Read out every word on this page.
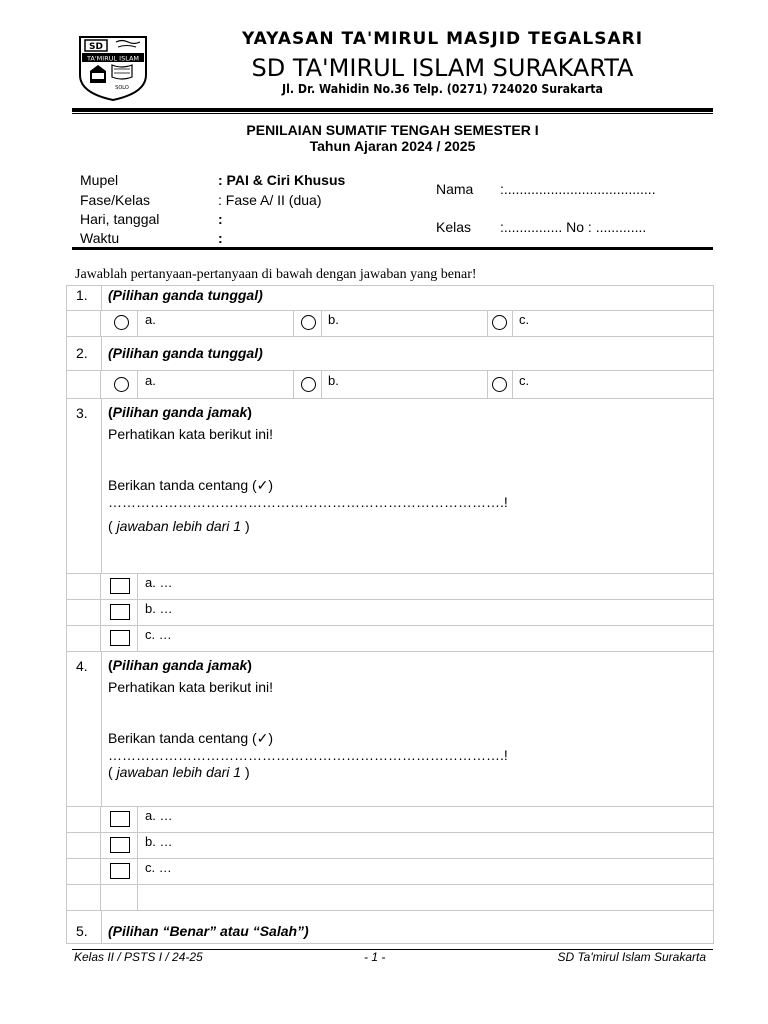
SD
TA'MIRUL ISLAM
SOLO
YAYASAN TA'MIRUL MASJID TEGALSARI
SD TA'MIRUL ISLAM SURAKARTA
Jl. Dr. Wahidin No.36 Telp. (0271) 724020 Surakarta
PENILAIAN SUMATIF TENGAH SEMESTER I
Tahun Ajaran 2024 / 2025
Mupel	: PAI & Ciri Khusus
Fase/Kelas	: Fase A/ II (dua)
Hari, tanggal	:
Waktu	:
Nama :.......................................
Kelas :............... No : .............
Jawablah pertanyaan-pertanyaan di bawah dengan jawaban yang benar!
1. (Pilihan ganda tunggal)
a.	b.	c.
2. (Pilihan ganda tunggal)
a.	b.	c.
3. (Pilihan ganda jamak)
Perhatikan kata berikut ini!
Berikan tanda centang (✓)
………………………………………………………………………….!
( jawaban lebih dari 1 )
a. …
b. …
c. …
4. (Pilihan ganda jamak)
Perhatikan kata berikut ini!
Berikan tanda centang (✓)
………………………………………………………………………….!
( jawaban lebih dari 1 )
a. …
b. …
c. …
5. (Pilihan “Benar” atau “Salah”)
Kelas II / PSTS I / 24-25	- 1 -	SD Ta'mirul Islam Surakarta
